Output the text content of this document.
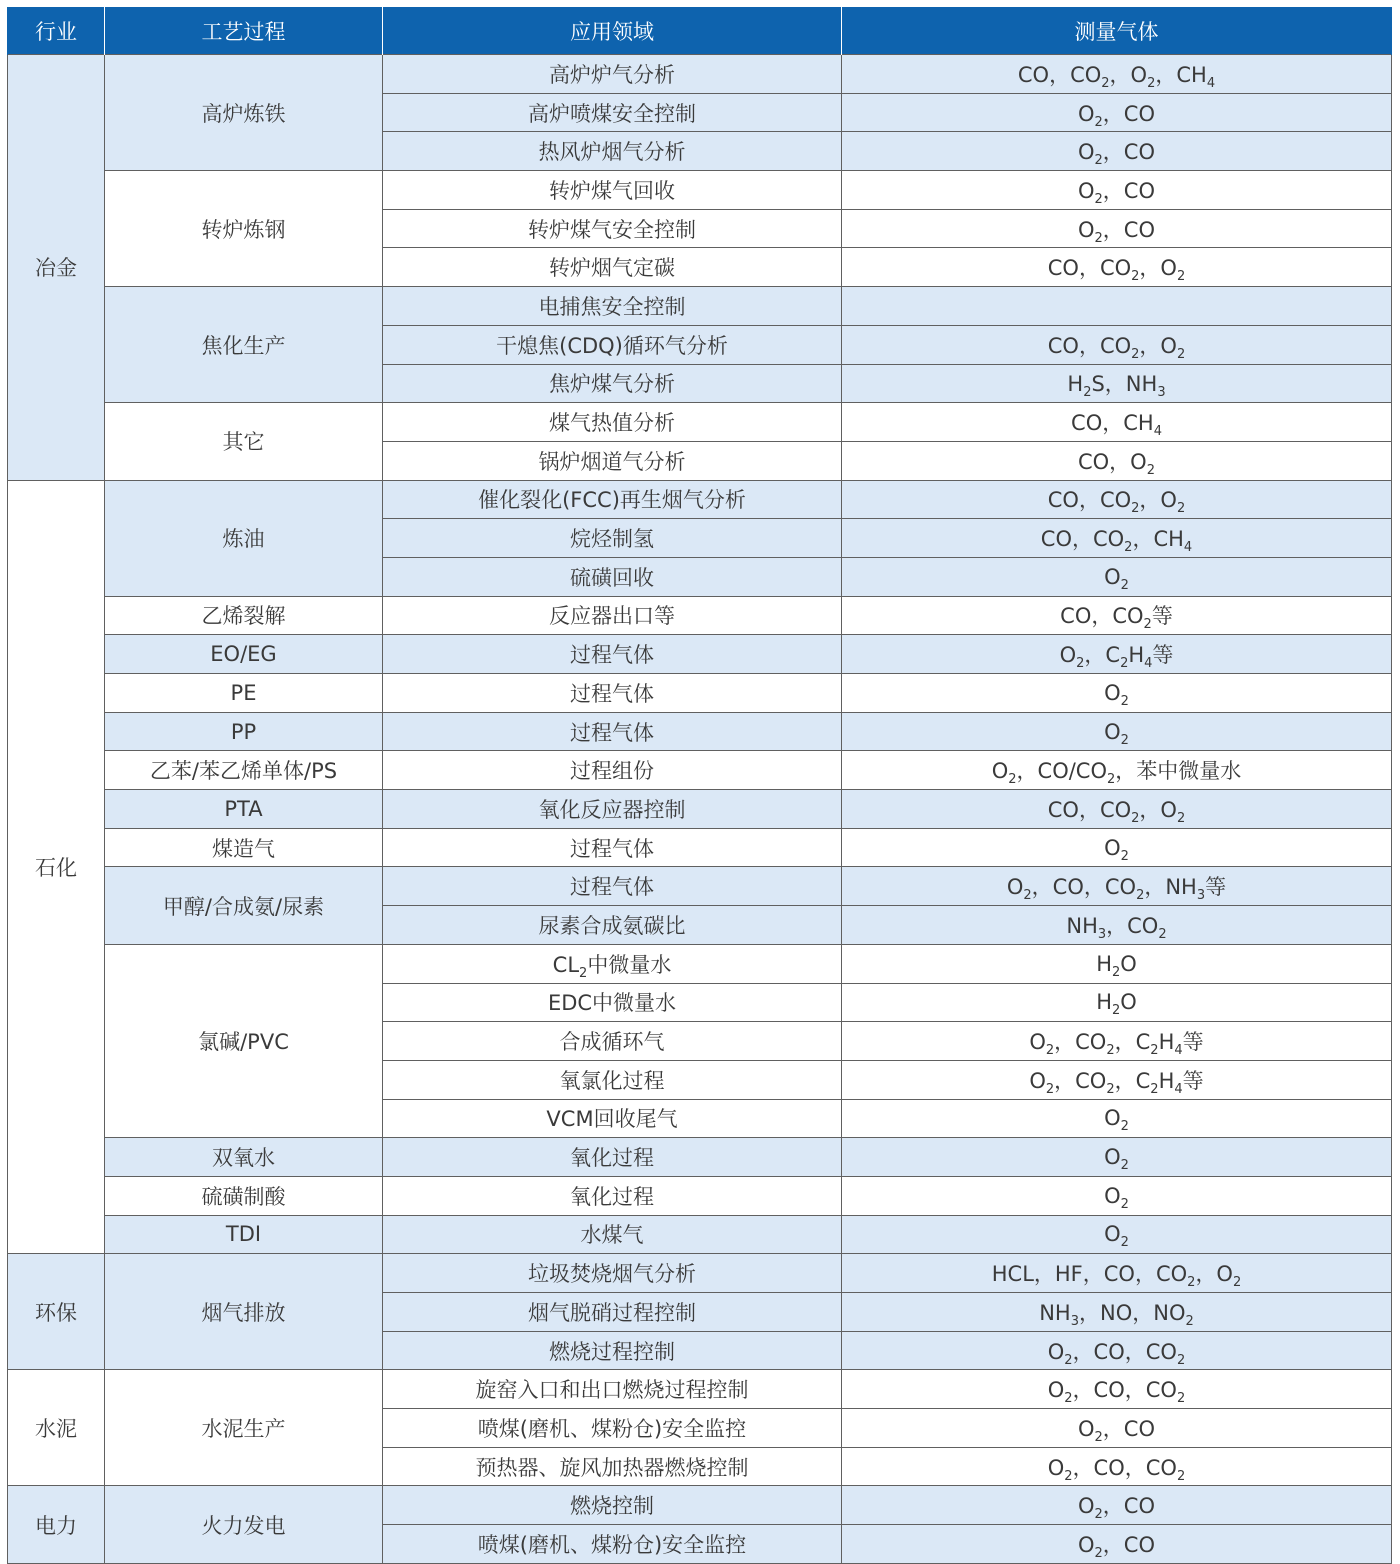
行业	工艺过程	应用领域	测量气体
冶金	高炉炼铁	高炉炉气分析	CO，$CO_2$，$O_2$，$CH_4$
		高炉喷煤安全控制	$O_2$，CO
		热风炉烟气分析	$O_2$，CO
	转炉炼钢	转炉煤气回收	$O_2$，CO
		转炉煤气安全控制	$O_2$，CO
		转炉烟气定碳	CO，$CO_2$，$O_2$
	焦化生产	电捕焦安全控制	
		干熄焦(CDQ)循环气分析	CO，$CO_2$，$O_2$
		焦炉煤气分析	$H_2S$，$NH_3$
	其它	煤气热值分析	CO，$CH_4$
		锅炉烟道气分析	CO，$O_2$
石化	炼油	催化裂化(FCC)再生烟气分析	CO，$CO_2$，$O_2$
		烷烃制氢	CO，$CO_2$，$CH_4$
		硫磺回收	$O_2$
	乙烯裂解	反应器出口等	CO，$CO_2$等
	EO/EG	过程气体	$O_2$，$C_2H_4$等
	PE	过程气体	$O_2$
	PP	过程气体	$O_2$
	乙苯/苯乙烯单体/PS	过程组份	$O_2$，$CO/CO_2$，苯中微量水
	PTA	氧化反应器控制	CO，$CO_2$，$O_2$
	煤造气	过程气体	$O_2$
	甲醇/合成氨/尿素	过程气体	$O_2$，CO，$CO_2$，$NH_3$等
		尿素合成氨碳比	$NH_3$，$CO_2$
	氯碱/PVC	$CL_2$中微量水	$H_2O$
		EDC中微量水	$H_2O$
		合成循环气	$O_2$，$CO_2$，$C_2H_4$等
		氧氯化过程	$O_2$，$CO_2$，$C_2H_4$等
		VCM回收尾气	$O_2$
	双氧水	氧化过程	$O_2$
	硫磺制酸	氧化过程	$O_2$
	TDI	水煤气	$O_2$
环保	烟气排放	垃圾焚烧烟气分析	HCL，HF，CO，$CO_2$，$O_2$
		烟气脱硝过程控制	$NH_3$，NO，$NO_2$
		燃烧过程控制	$O_2$，CO，$CO_2$
水泥	水泥生产	旋窑入口和出口燃烧过程控制	$O_2$，CO，$CO_2$
		喷煤(磨机、煤粉仓)安全监控	$O_2$，CO
		预热器、旋风加热器燃烧控制	$O_2$，CO，$CO_2$
电力	火力发电	燃烧控制	$O_2$，CO
		喷煤(磨机、煤粉仓)安全监控	$O_2$，CO
